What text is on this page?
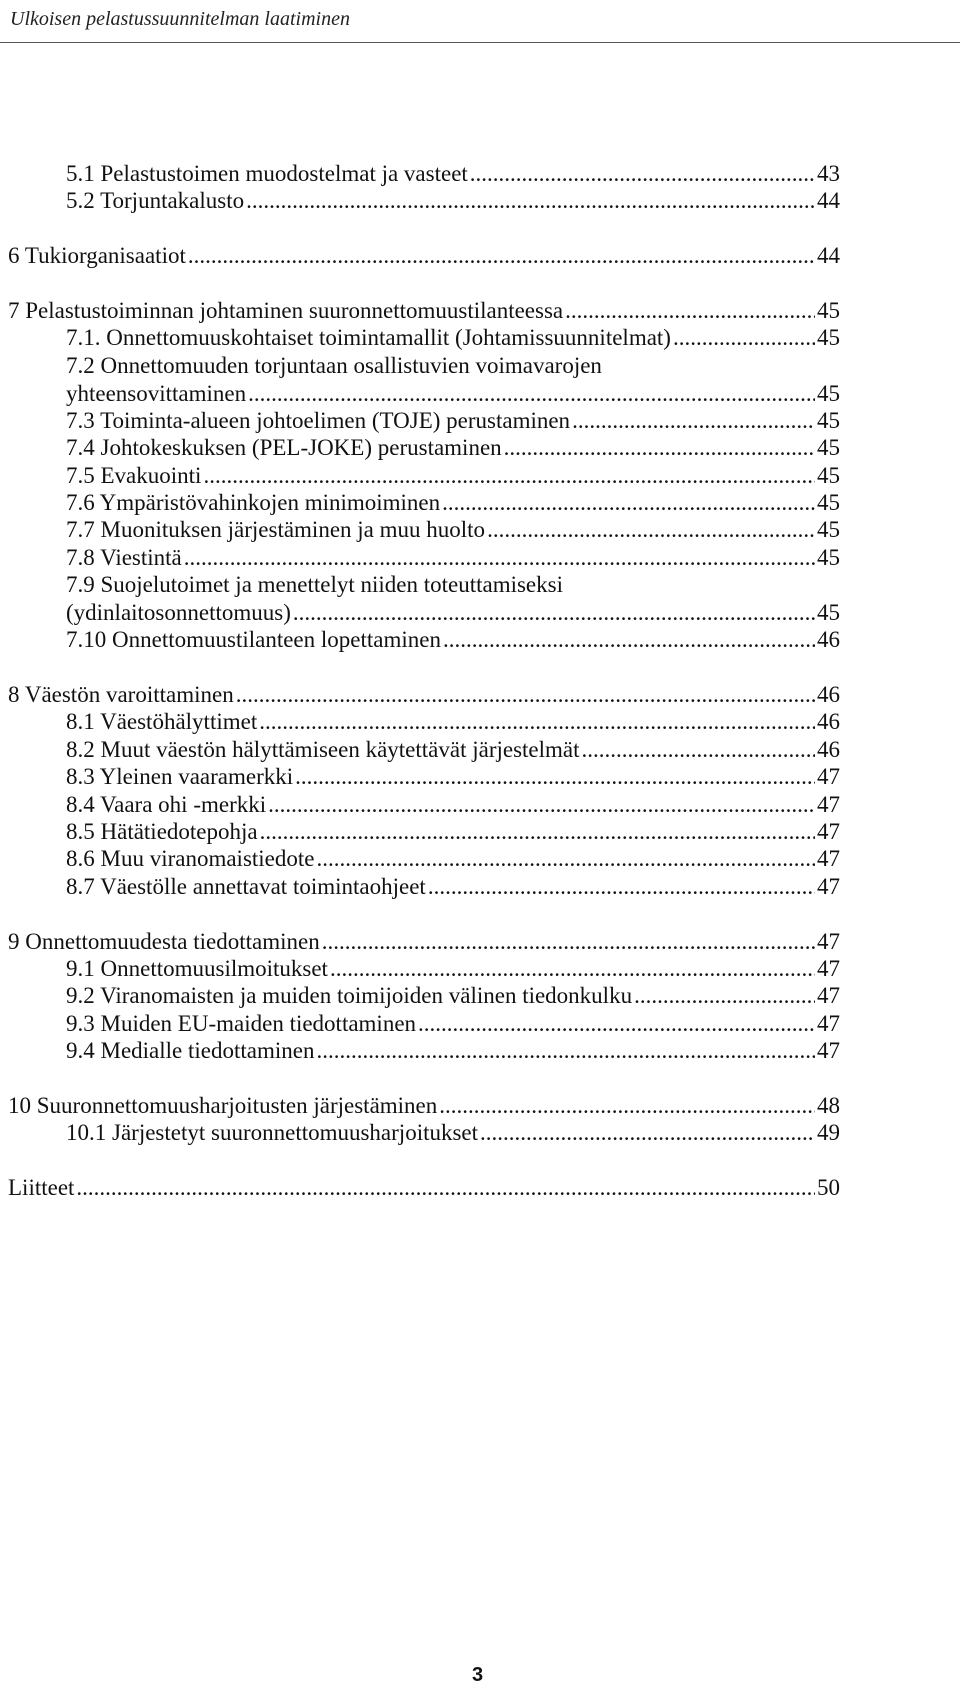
Ulkoisen pelastussuunnitelman laatiminen
5.1 Pelastustoimen muodostelmat ja vasteet .....	43
5.2 Torjuntakalusto .....	44
6 Tukiorganisaatiot .....	44
7 Pelastustoiminnan johtaminen suuronnettomuustilanteessa .....	45
7.1. Onnettomuuskohtaiset toimintamallit (Johtamissuunnitelmat) .....	45
7.2 Onnettomuuden torjuntaan osallistuvien voimavarojen
yhteensovittaminen .....	45
7.3 Toiminta-alueen johtoelimen (TOJE) perustaminen .....	45
7.4 Johtokeskuksen (PEL-JOKE) perustaminen .....	45
7.5 Evakuointi .....	45
7.6 Ympäristövahinkojen minimoiminen .....	45
7.7 Muonituksen järjestäminen ja muu huolto .....	45
7.8 Viestintä .....	45
7.9 Suojelutoimet ja menettelyt niiden toteuttamiseksi
(ydinlaitosonnettomuus) .....	45
7.10 Onnettomuustilanteen lopettaminen .....	46
8 Väestön varoittaminen .....	46
8.1 Väestöhälyttimet .....	46
8.2 Muut väestön hälyttämiseen käytettävät järjestelmät .....	46
8.3 Yleinen vaaramerkki .....	47
8.4 Vaara ohi -merkki .....	47
8.5 Hätätiedotepohja .....	47
8.6 Muu viranomaistiedote .....	47
8.7 Väestölle annettavat toimintaohjeet .....	47
9 Onnettomuudesta tiedottaminen .....	47
9.1 Onnettomuusilmoitukset .....	47
9.2 Viranomaisten ja muiden toimijoiden välinen tiedonkulku .....	47
9.3 Muiden EU-maiden tiedottaminen .....	47
9.4 Medialle tiedottaminen .....	47
10 Suuronnettomuusharjoitusten järjestäminen .....	48
10.1 Järjestetyt suuronnettomuusharjoitukset .....	49
Liitteet .....	50
3
